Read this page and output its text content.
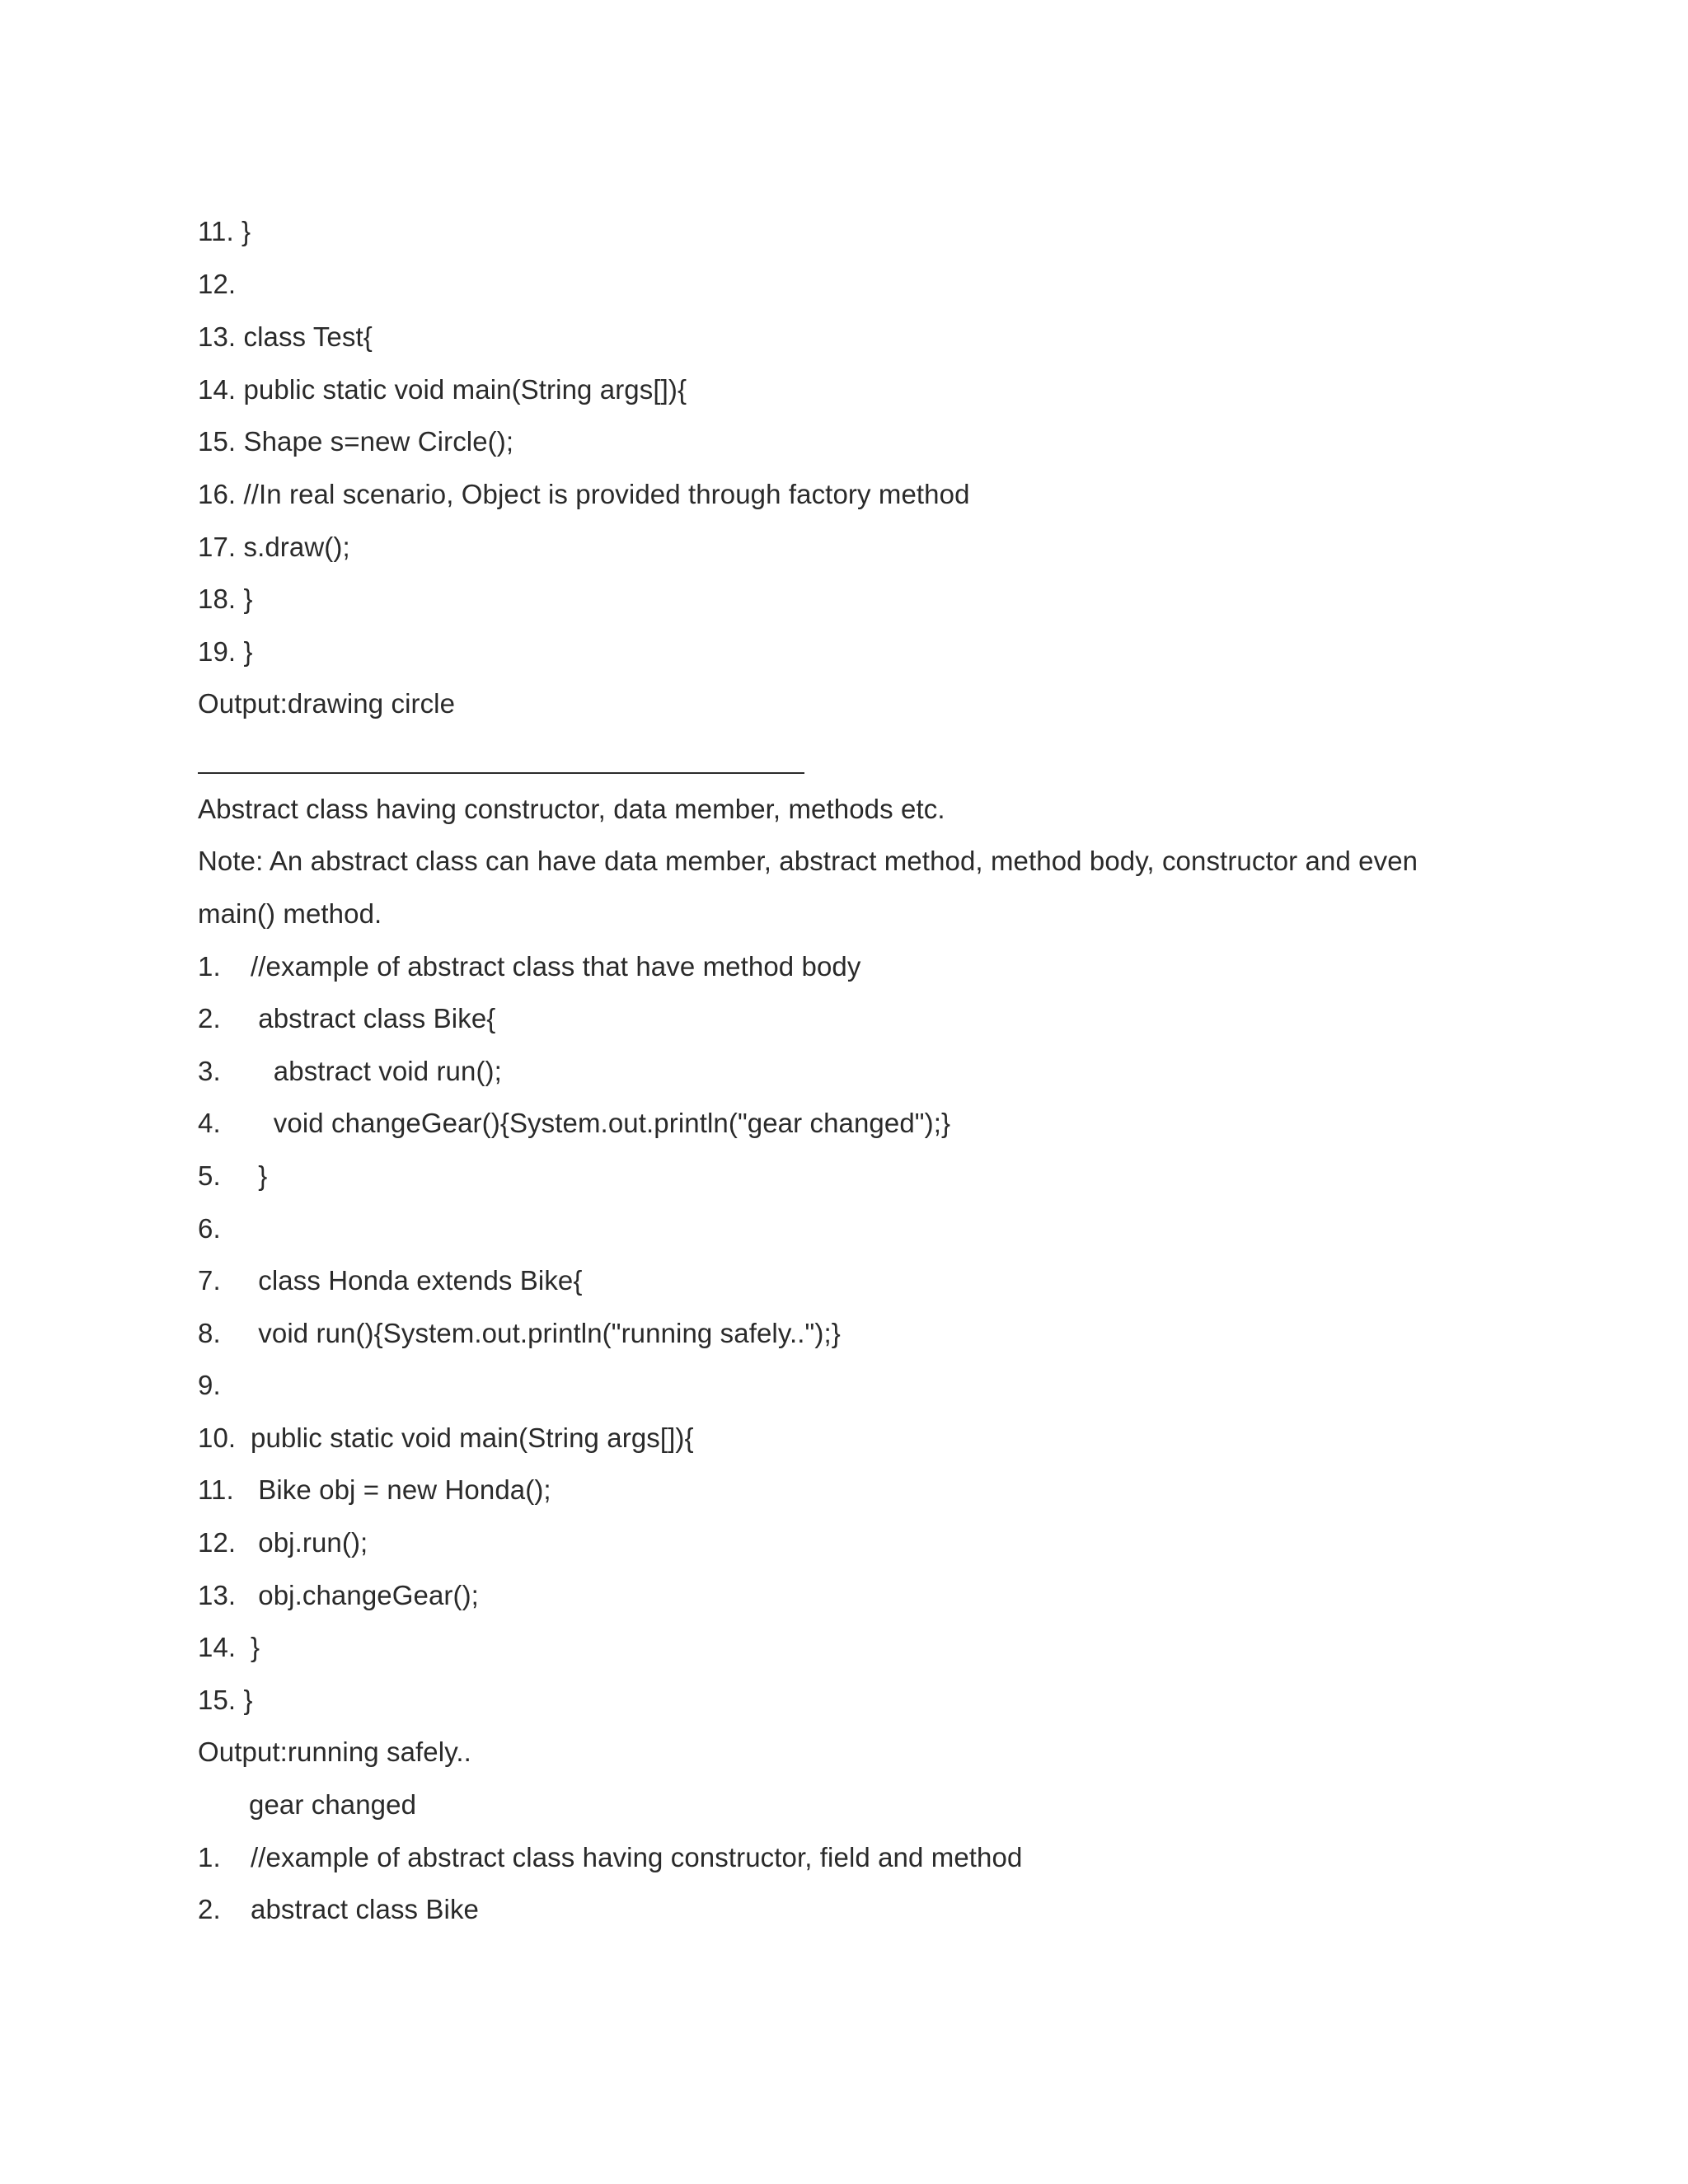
11. }
12.
13. class Test{
14. public static void main(String args[]){
15. Shape s=new Circle();
16. //In real scenario, Object is provided through factory method
17. s.draw();
18. }
19. }
Output:drawing circle
Abstract class having constructor, data member, methods etc.
Note: An abstract class can have data member, abstract method, method body, constructor and even
main() method.
1. //example of abstract class that have method body
2. abstract class Bike{
3.   abstract void run();
4.   void changeGear(){System.out.println("gear changed");}
5. }
6.
7. class Honda extends Bike{
8. void run(){System.out.println("running safely..");}
9.
10. public static void main(String args[]){
11. Bike obj = new Honda();
12. obj.run();
13. obj.changeGear();
14. }
15. }
Output:running safely..
gear changed
1. //example of abstract class having constructor, field and method
2. abstract class Bike
